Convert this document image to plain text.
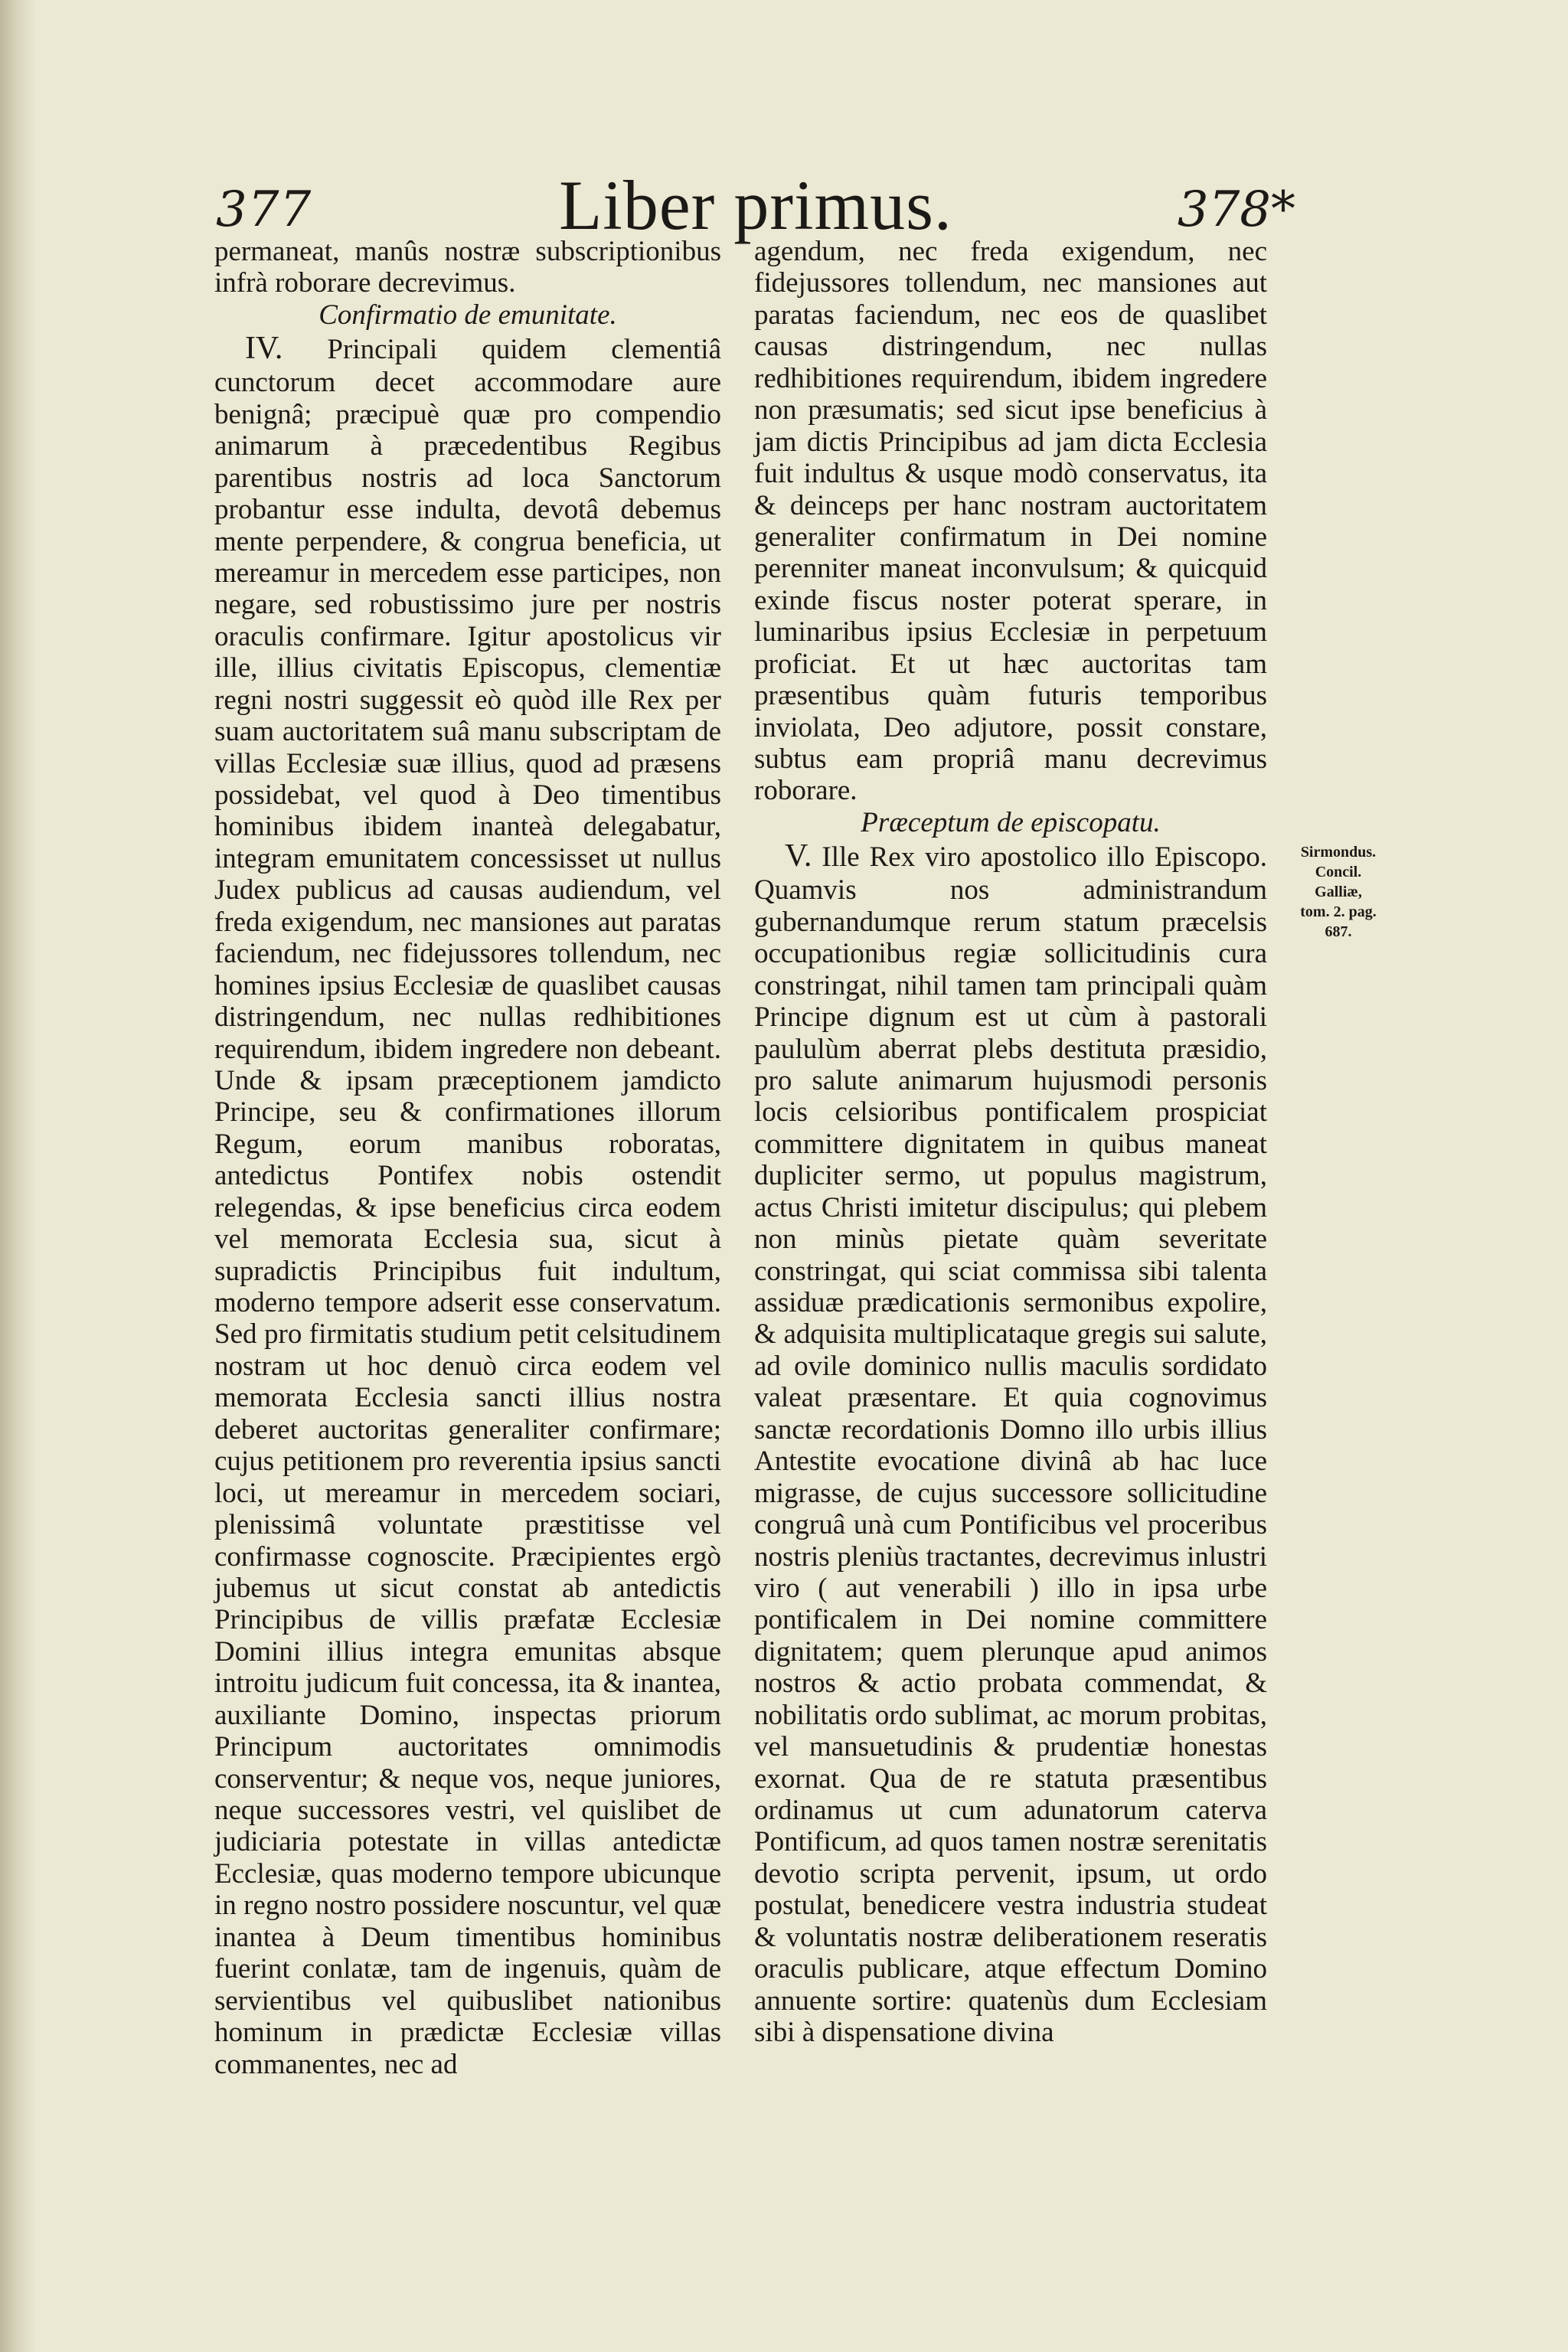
377	Liber primus.	378*

permaneat, manûs nostræ subscriptionibus infrà roborare decrevimus.

Confirmatio de emunitate.

IV. Principali quidem clementiâ cunctorum decet accommodare aure benignâ; præcipuè quæ pro compendio animarum à præcedentibus Regibus parentibus nostris ad loca Sanctorum probantur esse indulta, devotâ debemus mente perpendere, & congrua beneficia, ut mereamur in mercedem esse participes, non negare, sed robustissimo jure per nostris oraculis confirmare. Igitur apostolicus vir ille, illius civitatis Episcopus, clementiæ regni nostri suggessit eò quòd ille Rex per suam auctoritatem suâ manu subscriptam de villas Ecclesiæ suæ illius, quod ad præsens possidebat, vel quod à Deo timentibus hominibus ibidem inanteà delegabatur, integram emunitatem concessisset ut nullus Judex publicus ad causas audiendum, vel freda exigendum, nec mansiones aut paratas faciendum, nec fidejussores tollendum, nec homines ipsius Ecclesiæ de quaslibet causas distringendum, nec nullas redhibitiones requirendum, ibidem ingredere non debeant. Unde & ipsam præceptionem jamdicto Principe, seu & confirmationes illorum Regum, eorum manibus roboratas, antedictus Pontifex nobis ostendit relegendas, & ipse beneficius circa eodem vel memorata Ecclesia sua, sicut à supradictis Principibus fuit indultum, moderno tempore adserit esse conservatum. Sed pro firmitatis studium petit celsitudinem nostram ut hoc denuò circa eodem vel memorata Ecclesia sancti illius nostra deberet auctoritas generaliter confirmare; cujus petitionem pro reverentia ipsius sancti loci, ut mereamur in mercedem sociari, plenissimâ voluntate præstitisse vel confirmasse cognoscite. Præcipientes ergò jubemus ut sicut constat ab antedictis Principibus de villis præfatæ Ecclesiæ Domini illius integra emunitas absque introitu judicum fuit concessa, ita & inantea, auxiliante Domino, inspectas priorum Principum auctoritates omnimodis conserventur; & neque vos, neque juniores, neque successores vestri, vel quislibet de judiciaria potestate in villas antedictæ Ecclesiæ, quas moderno tempore ubicunque in regno nostro possidere noscuntur, vel quæ inantea à Deum timentibus hominibus fuerint conlatæ, tam de ingenuis, quàm de servientibus vel quibuslibet nationibus hominum in prædictæ Ecclesiæ villas commanentes, nec ad

agendum, nec freda exigendum, nec fidejussores tollendum, nec mansiones aut paratas faciendum, nec eos de quaslibet causas distringendum, nec nullas redhibitiones requirendum, ibidem ingredere non præsumatis; sed sicut ipse beneficius à jam dictis Principibus ad jam dicta Ecclesia fuit indultus & usque modò conservatus, ita & deinceps per hanc nostram auctoritatem generaliter confirmatum in Dei nomine perenniter maneat inconvulsum; & quicquid exinde fiscus noster poterat sperare, in luminaribus ipsius Ecclesiæ in perpetuum proficiat. Et ut hæc auctoritas tam præsentibus quàm futuris temporibus inviolata, Deo adjutore, possit constare, subtus eam propriâ manu decrevimus roborare.

Præceptum de episcopatu.

V. Ille Rex viro apostolico illo Episcopo. Quamvis nos administrandum gubernandumque rerum statum præcelsis occupationibus regiæ sollicitudinis cura constringat, nihil tamen tam principali quàm Principe dignum est ut cùm à pastorali paululùm aberrat plebs destituta præsidio, pro salute animarum hujusmodi personis locis celsioribus pontificalem prospiciat committere dignitatem in quibus maneat dupliciter sermo, ut populus magistrum, actus Christi imitetur discipulus; qui plebem non minùs pietate quàm severitate constringat, qui sciat commissa sibi talenta assiduæ prædicationis sermonibus expolire, & adquisita multiplicataque gregis sui salute, ad ovile dominico nullis maculis sordidato valeat præsentare. Et quia cognovimus sanctæ recordationis Domno illo urbis illius Antestite evocatione divinâ ab hac luce migrasse, de cujus successore sollicitudine congruâ unà cum Pontificibus vel proceribus nostris pleniùs tractantes, decrevimus inlustri viro ( aut venerabili ) illo in ipsa urbe pontificalem in Dei nomine committere dignitatem; quem plerunque apud animos nostros & actio probata commendat, & nobilitatis ordo sublimat, ac morum probitas, vel mansuetudinis & prudentiæ honestas exornat. Qua de re statuta præsentibus ordinamus ut cum adunatorum caterva Pontificum, ad quos tamen nostræ serenitatis devotio scripta pervenit, ipsum, ut ordo postulat, benedicere vestra industria studeat & voluntatis nostræ deliberationem reseratis oraculis publicare, atque effectum Domino annuente sortire: quatenùs dum Ecclesiam sibi à dispensatione divina

Sirmondus. Concil. Galliæ, tom. 2. pag. 687.
